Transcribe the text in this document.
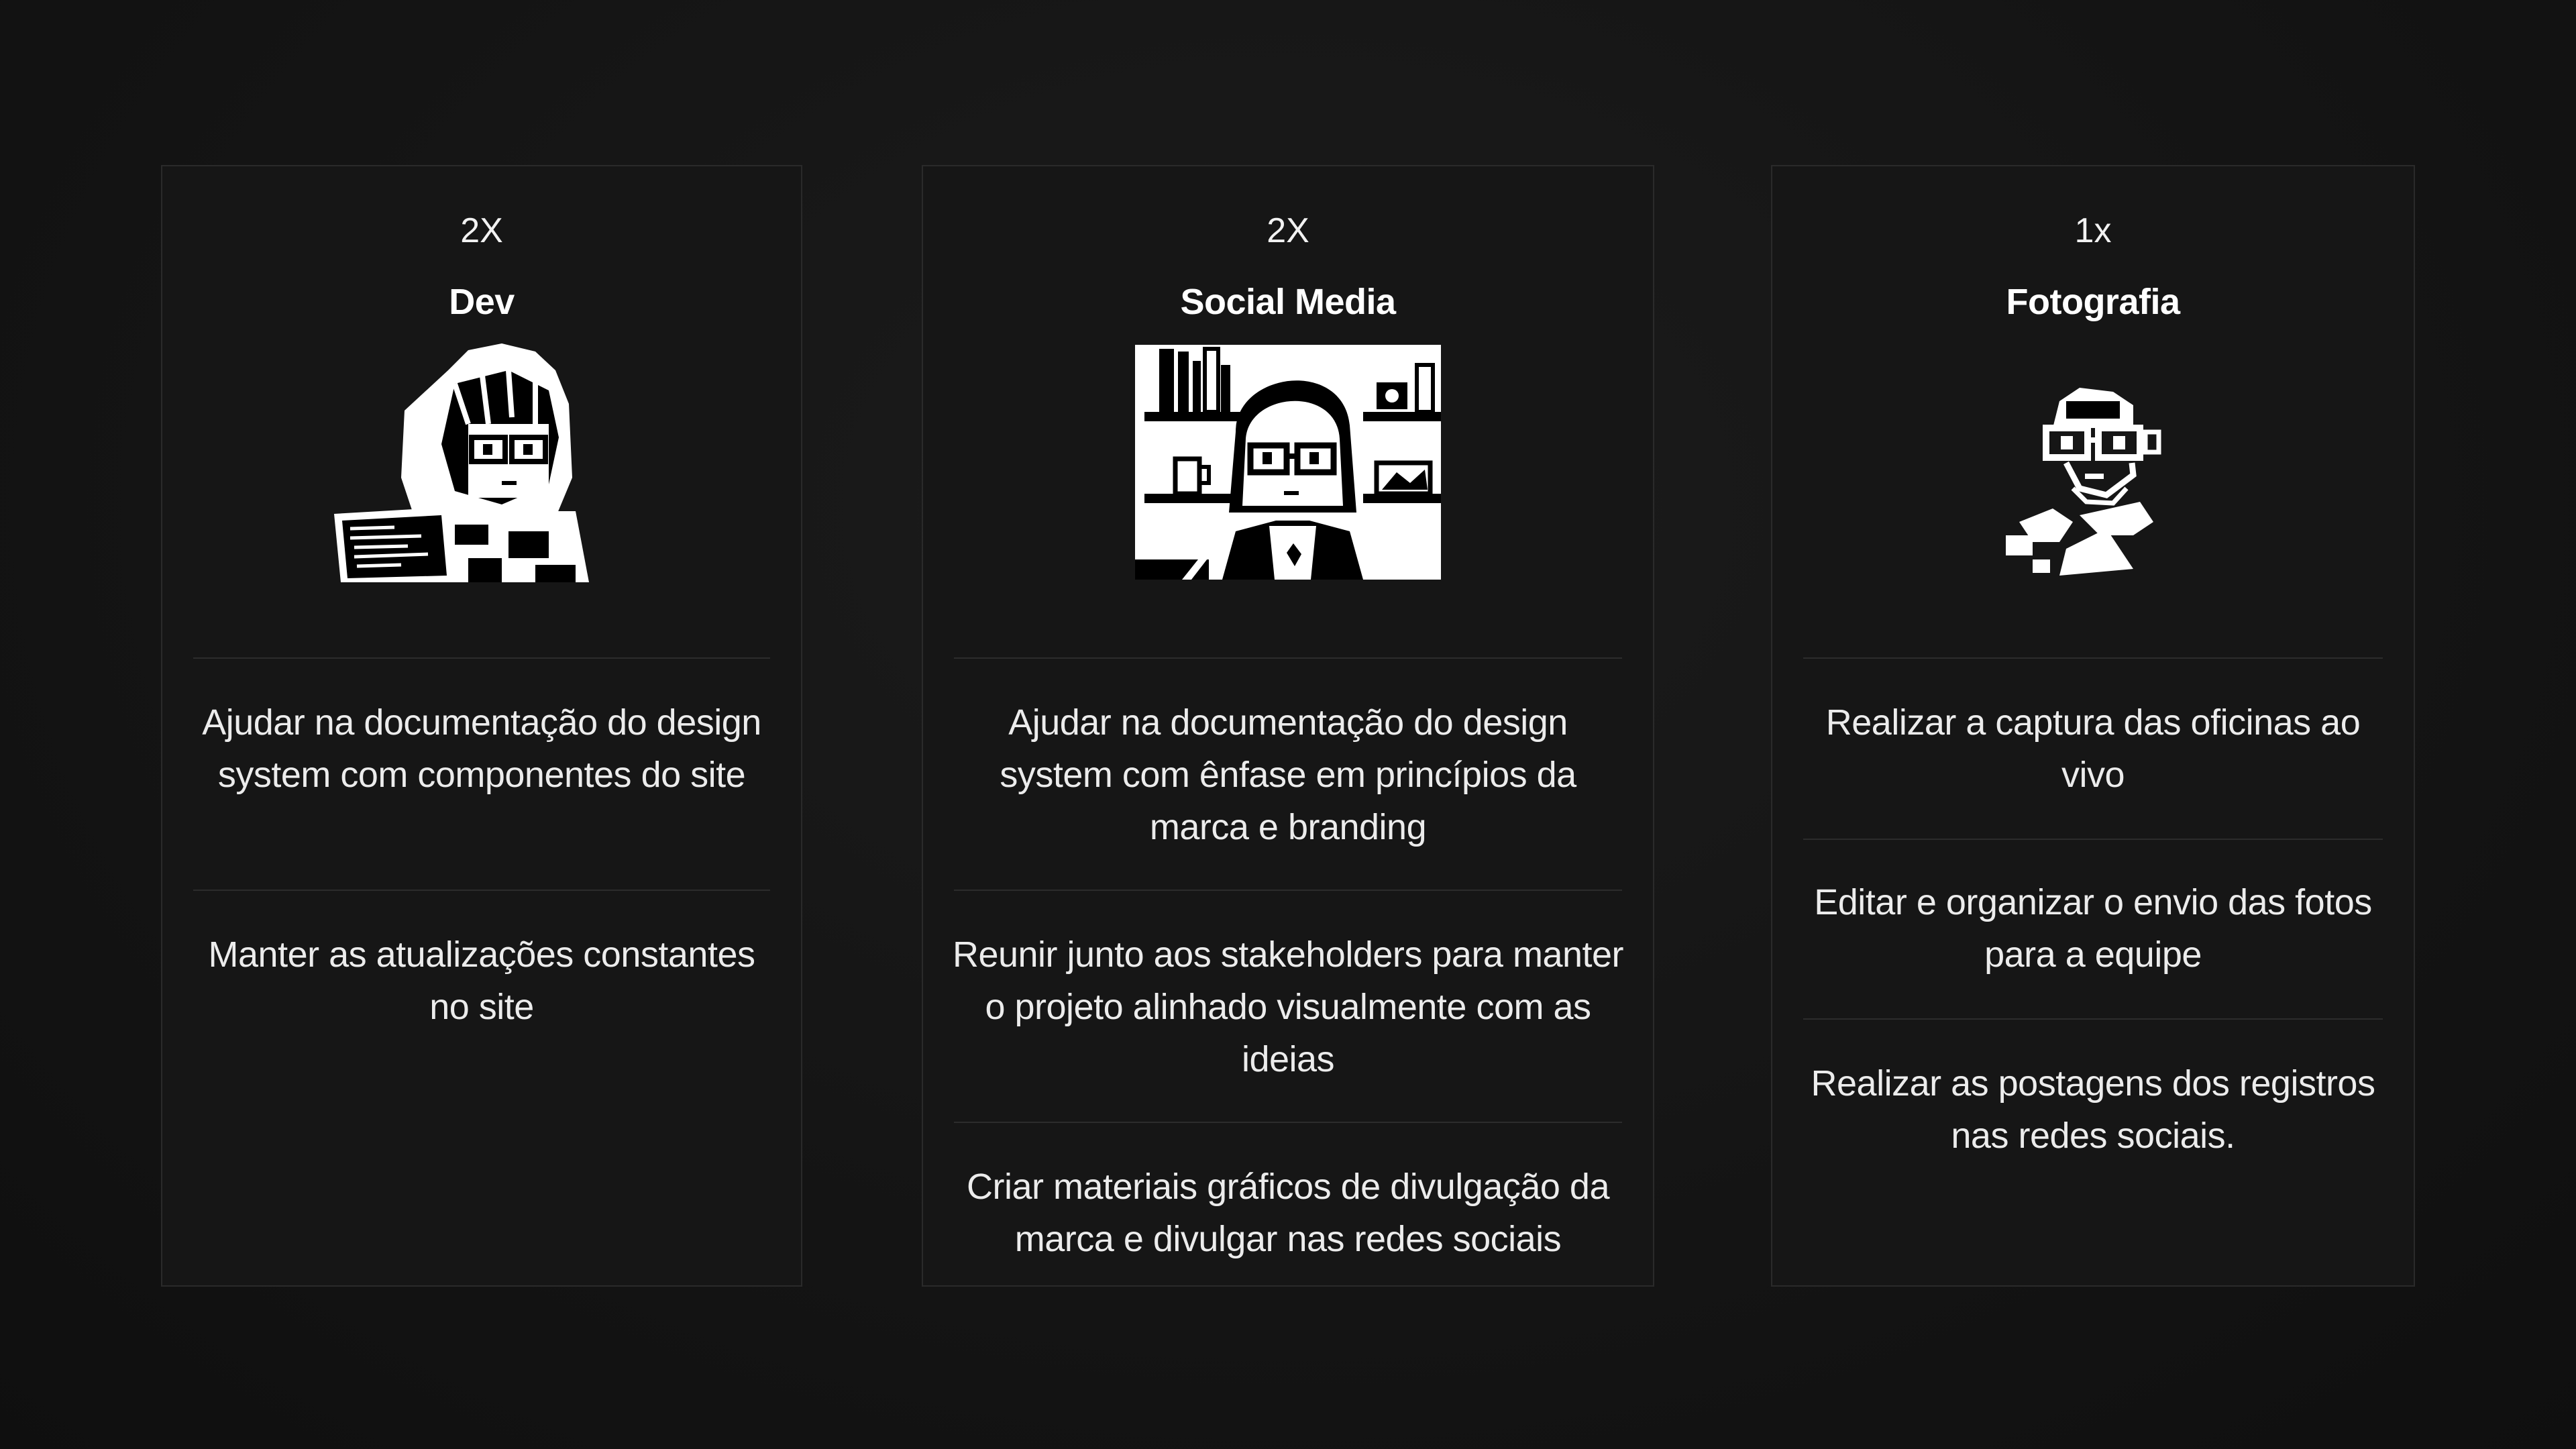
2X
Dev
Ajudar na documentação do design system com componentes do site
Manter as atualizações constantes no site
2X
Social Media
Ajudar na documentação do design system com ênfase em princípios da marca e branding
Reunir junto aos stakeholders para manter o projeto alinhado visualmente com as ideias
Criar materiais gráficos de divulgação da marca e divulgar nas redes sociais
1x
Fotografia
Realizar a captura das oficinas ao vivo
Editar e organizar o envio das fotos para a equipe
Realizar as postagens dos registros nas redes sociais.
